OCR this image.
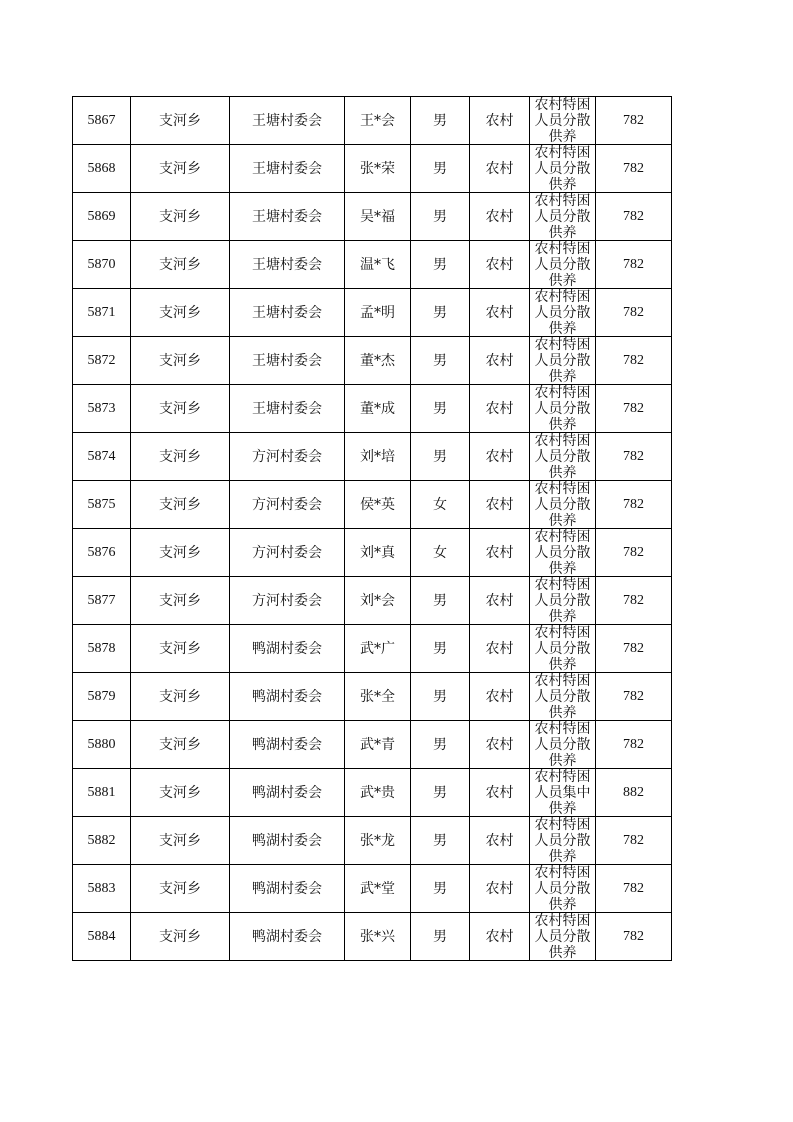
5867	支河乡	王塘村委会	王*会	男	农村	农村特困人员分散供养	782
5868	支河乡	王塘村委会	张*荣	男	农村	农村特困人员分散供养	782
5869	支河乡	王塘村委会	吴*福	男	农村	农村特困人员分散供养	782
5870	支河乡	王塘村委会	温*飞	男	农村	农村特困人员分散供养	782
5871	支河乡	王塘村委会	孟*明	男	农村	农村特困人员分散供养	782
5872	支河乡	王塘村委会	董*杰	男	农村	农村特困人员分散供养	782
5873	支河乡	王塘村委会	董*成	男	农村	农村特困人员分散供养	782
5874	支河乡	方河村委会	刘*培	男	农村	农村特困人员分散供养	782
5875	支河乡	方河村委会	侯*英	女	农村	农村特困人员分散供养	782
5876	支河乡	方河村委会	刘*真	女	农村	农村特困人员分散供养	782
5877	支河乡	方河村委会	刘*会	男	农村	农村特困人员分散供养	782
5878	支河乡	鸭湖村委会	武*广	男	农村	农村特困人员分散供养	782
5879	支河乡	鸭湖村委会	张*全	男	农村	农村特困人员分散供养	782
5880	支河乡	鸭湖村委会	武*青	男	农村	农村特困人员分散供养	782
5881	支河乡	鸭湖村委会	武*贵	男	农村	农村特困人员集中供养	882
5882	支河乡	鸭湖村委会	张*龙	男	农村	农村特困人员分散供养	782
5883	支河乡	鸭湖村委会	武*堂	男	农村	农村特困人员分散供养	782
5884	支河乡	鸭湖村委会	张*兴	男	农村	农村特困人员分散供养	782
